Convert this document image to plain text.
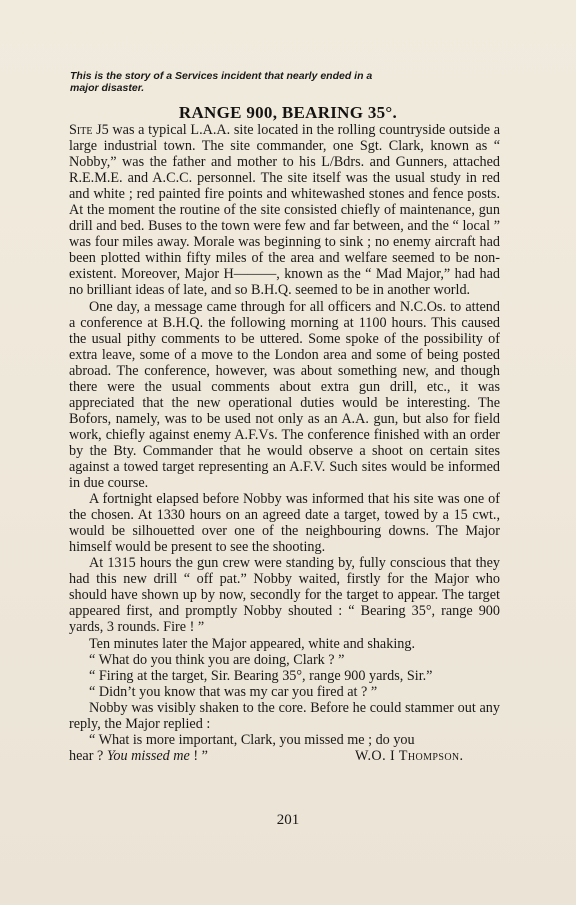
This is the story of a Services incident that nearly ended in a major disaster.
RANGE 900, BEARING 35°.

Site J5 was a typical L.A.A. site located in the rolling countryside outside a large industrial town. The site commander, one Sgt. Clark, known as “ Nobby,” was the father and mother to his L/Bdrs. and Gunners, attached R.E.M.E. and A.C.C. personnel. The site itself was the usual study in red and white ; red painted fire points and whitewashed stones and fence posts. At the moment the routine of the site consisted chiefly of maintenance, gun drill and bed. Buses to the town were few and far between, and the “ local ” was four miles away. Morale was beginning to sink ; no enemy aircraft had been plotted within fifty miles of the area and welfare seemed to be non-existent. Moreover, Major H———, known as the “ Mad Major,” had had no brilliant ideas of late, and so B.H.Q. seemed to be in another world.

One day, a message came through for all officers and N.C.Os. to attend a conference at B.H.Q. the following morning at 1100 hours. This caused the usual pithy comments to be uttered. Some spoke of the possibility of extra leave, some of a move to the London area and some of being posted abroad. The conference, however, was about something new, and though there were the usual comments about extra gun drill, etc., it was appreciated that the new operational duties would be interesting. The Bofors, namely, was to be used not only as an A.A. gun, but also for field work, chiefly against enemy A.F.Vs. The conference finished with an order by the Bty. Commander that he would observe a shoot on certain sites against a towed target representing an A.F.V. Such sites would be informed in due course.

A fortnight elapsed before Nobby was informed that his site was one of the chosen. At 1330 hours on an agreed date a target, towed by a 15 cwt., would be silhouetted over one of the neighbouring downs. The Major himself would be present to see the shooting.

At 1315 hours the gun crew were standing by, fully conscious that they had this new drill “ off pat.” Nobby waited, firstly for the Major who should have shown up by now, secondly for the target to appear. The target appeared first, and promptly Nobby shouted : “ Bearing 35°, range 900 yards, 3 rounds. Fire ! ”

Ten minutes later the Major appeared, white and shaking.

“ What do you think you are doing, Clark ? ”

“ Firing at the target, Sir. Bearing 35°, range 900 yards, Sir.”

“ Didn’t you know that was my car you fired at ? ”

Nobby was visibly shaken to the core. Before he could stammer out any reply, the Major replied :

“ What is more important, Clark, you missed me ; do you

hear ? You missed me ! ”	W.O. I Thompson.
201
